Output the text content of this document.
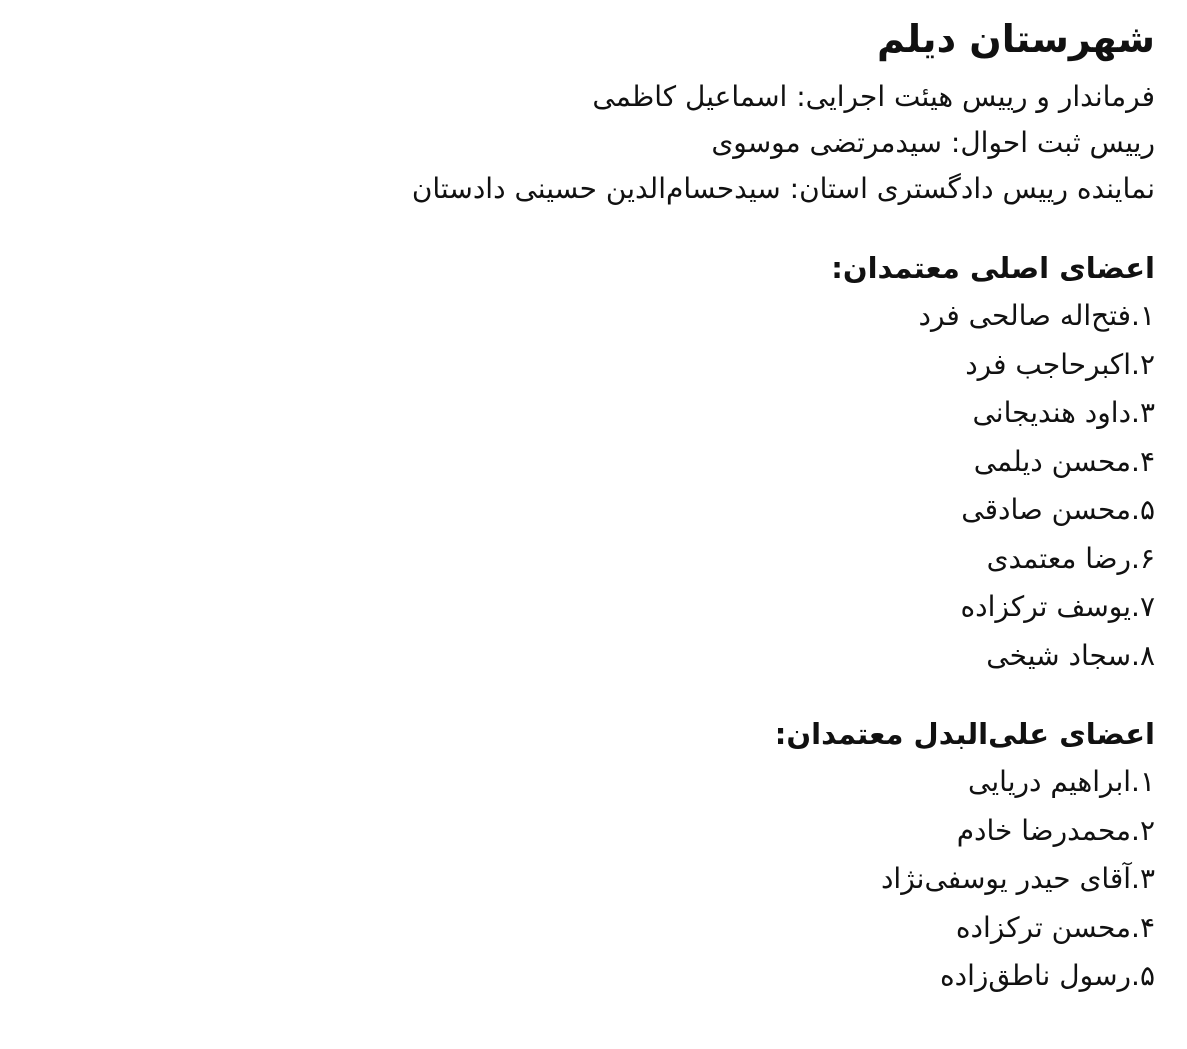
شهرستان دیلم
فرماندار و رییس هیئت اجرایی: اسماعیل کاظمی
رییس ثبت احوال: سیدمرتضی موسوی
نماینده رییس دادگستری استان: سیدحسام‌الدین حسینی دادستان
اعضای اصلی معتمدان:
۱.فتح‌اله صالحی فرد
۲.اکبرحاجب فرد
۳.داود هندیجانی
۴.محسن دیلمی
۵.محسن صادقی
۶.رضا معتمدی
۷.یوسف ترکزاده
۸.سجاد شیخی
اعضای علی‌البدل معتمدان:
۱.ابراهیم دریایی
۲.محمدرضا خادم
۳.آقای حیدر یوسفی‌نژاد
۴.محسن ترکزاده
۵.رسول ناطق‌زاده
